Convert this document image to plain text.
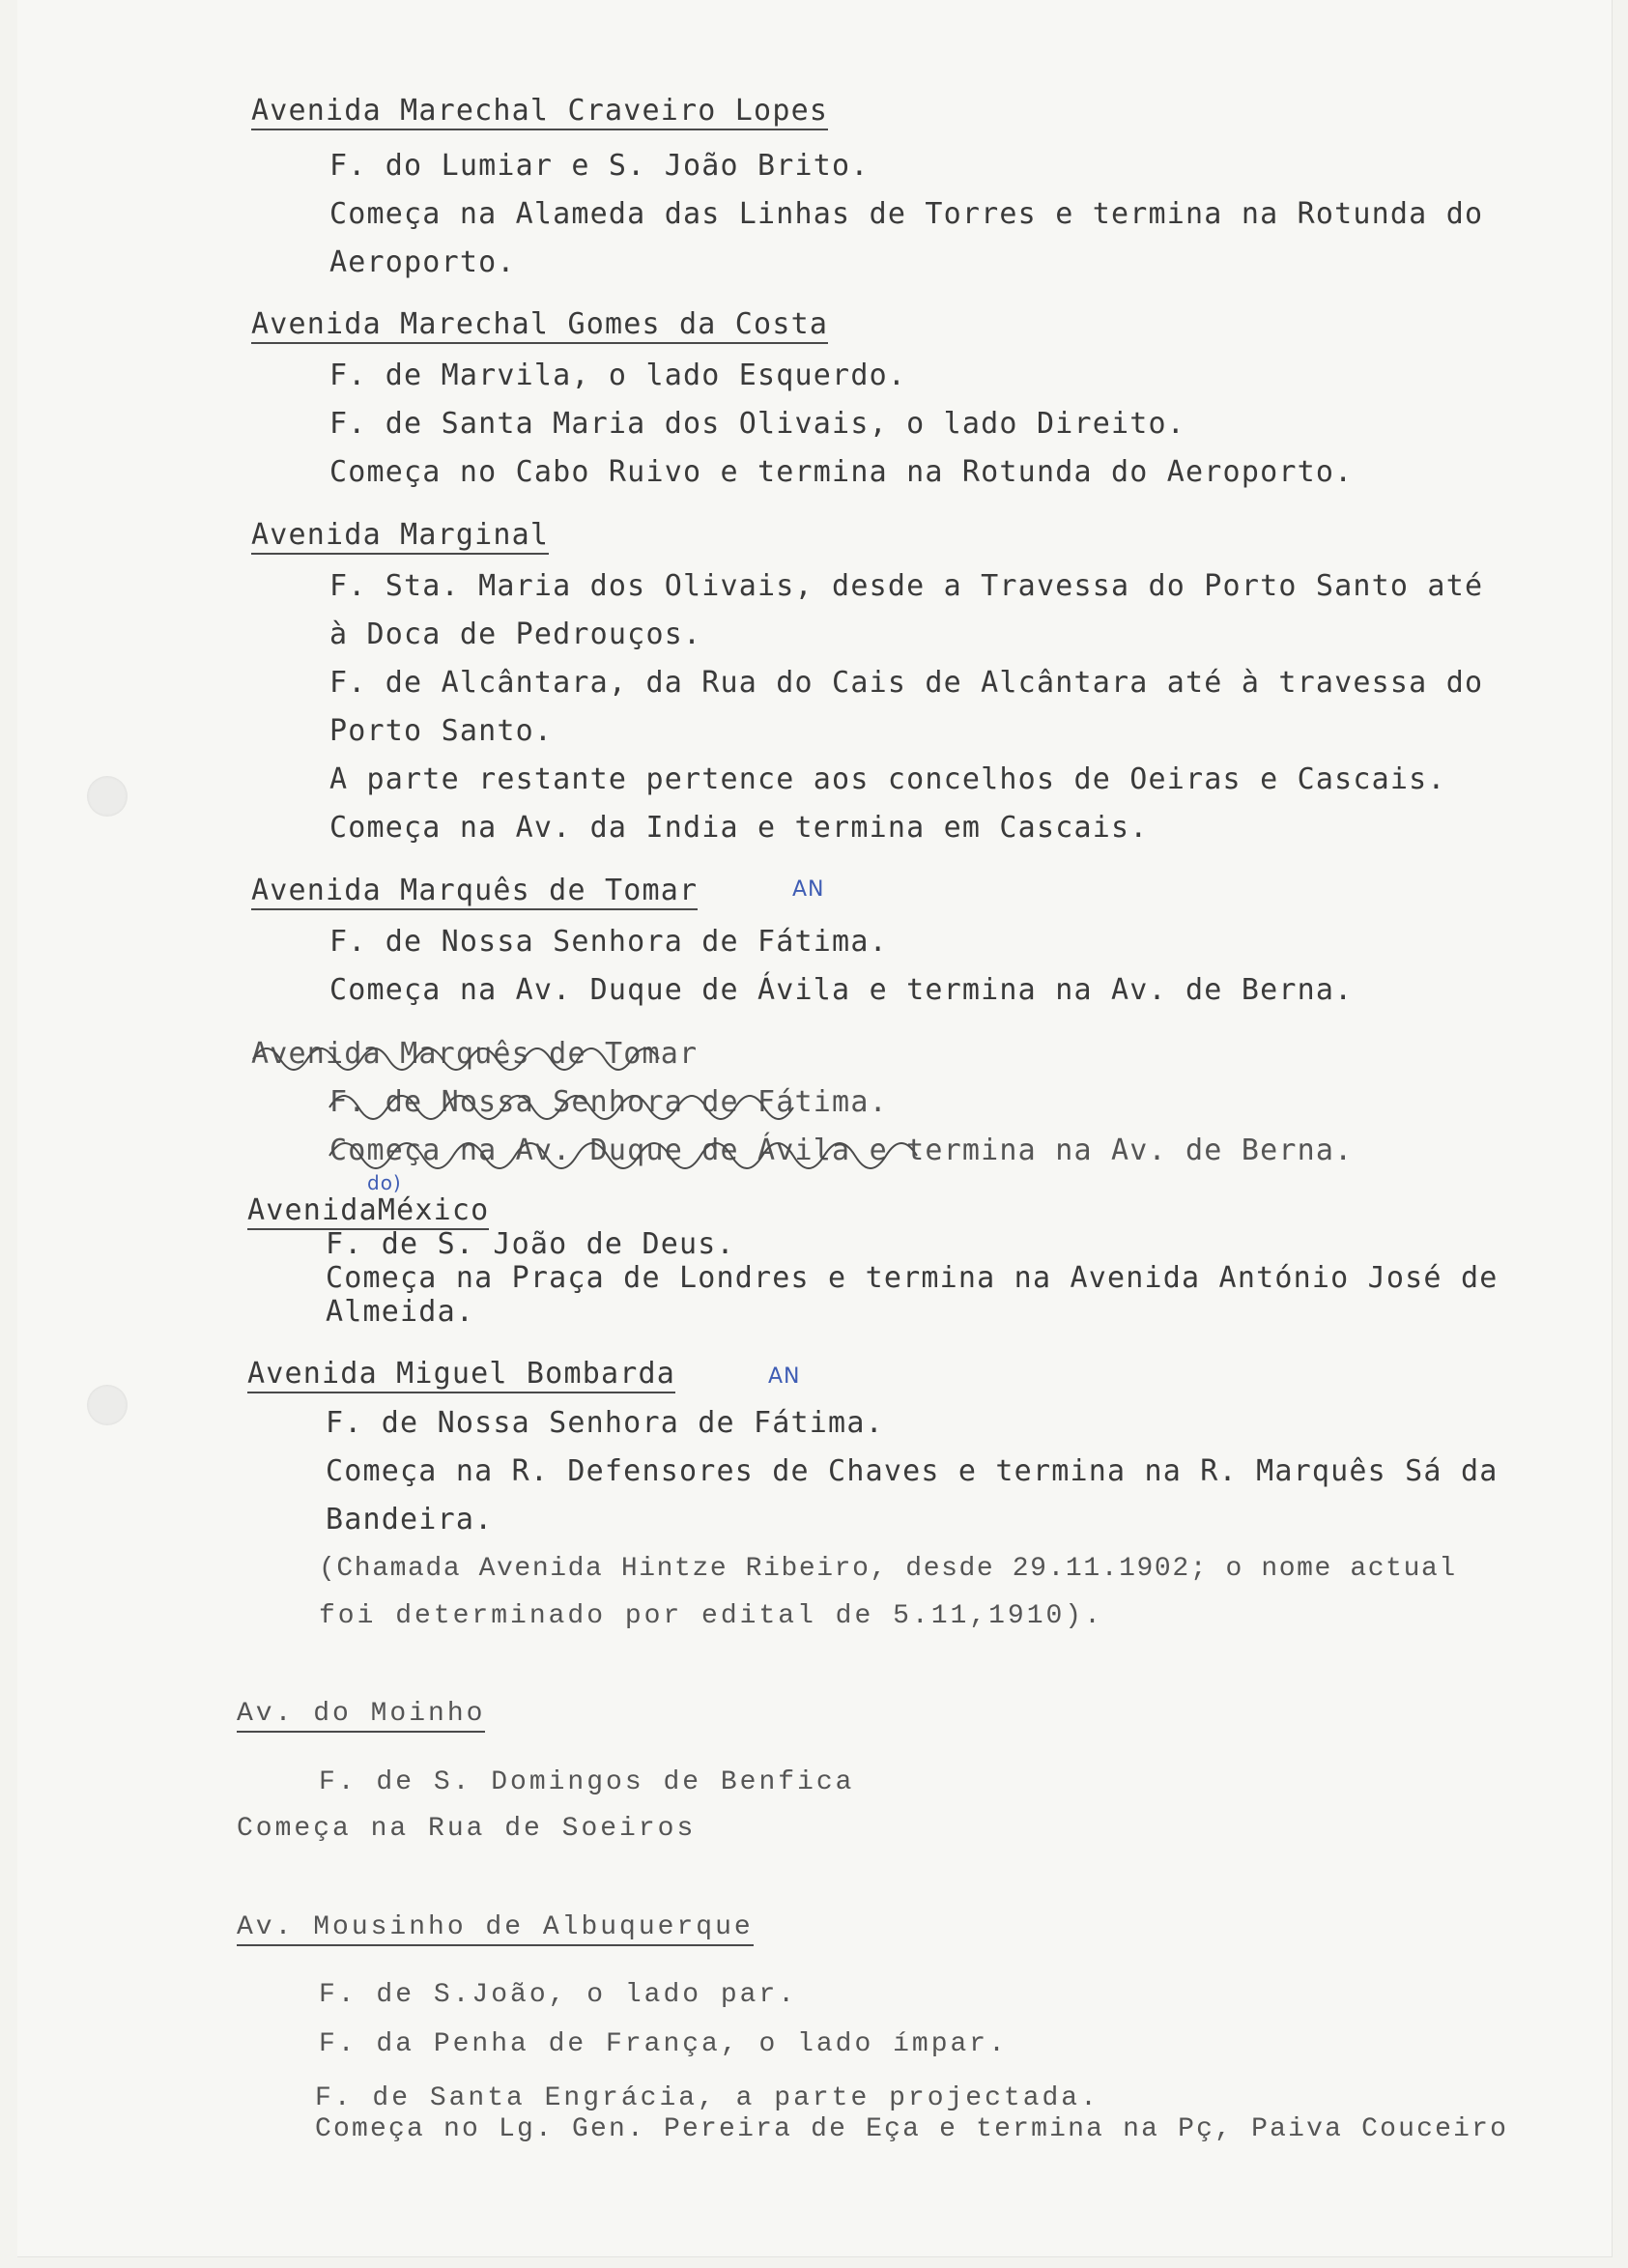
Avenida Marechal Craveiro Lopes
F. do Lumiar e S. João Brito.
Começa na Alameda das Linhas de Torres e termina na Rotunda do
Aeroporto.
Avenida Marechal Gomes da Costa
F. de Marvila, o lado Esquerdo.
F. de Santa Maria dos Olivais, o lado Direito.
Começa no Cabo Ruivo e termina na Rotunda do Aeroporto.
Avenida Marginal
F. Sta. Maria dos Olivais, desde a Travessa do Porto Santo até
à Doca de Pedrouços.
F. de Alcântara, da Rua do Cais de Alcântara até à travessa do
Porto Santo.
A parte restante pertence aos concelhos de Oeiras e Cascais.
Começa na Av. da India e termina em Cascais.
Avenida Marquês de Tomar	AN
F. de Nossa Senhora de Fátima.
Começa na Av. Duque de Ávila e termina na Av. de Berna.
Avenida Marquês de Tomar
F. de Nossa Senhora de Fátima.
Começa na Av. Duque de Ávila e termina na Av. de Berna.
AvenidaMéxico
do)
F. de S. João de Deus.
Começa na Praça de Londres e termina na Avenida António José de
Almeida.
Avenida Miguel Bombarda	AN
F. de Nossa Senhora de Fátima.
Começa na R. Defensores de Chaves e termina na R. Marquês Sá da
Bandeira.
(Chamada Avenida Hintze Ribeiro, desde 29.11.1902; o nome actual
foi determinado por edital de 5.11,1910).
Av. do Moinho
F. de S. Domingos de Benfica
Começa na Rua de Soeiros
Av. Mousinho de Albuquerque
F. de S.João, o lado par.
F. da Penha de França, o lado ímpar.
F. de Santa Engrácia, a parte projectada.
Começa no Lg. Gen. Pereira de Eça e termina na Pç, Paiva Couceiro
